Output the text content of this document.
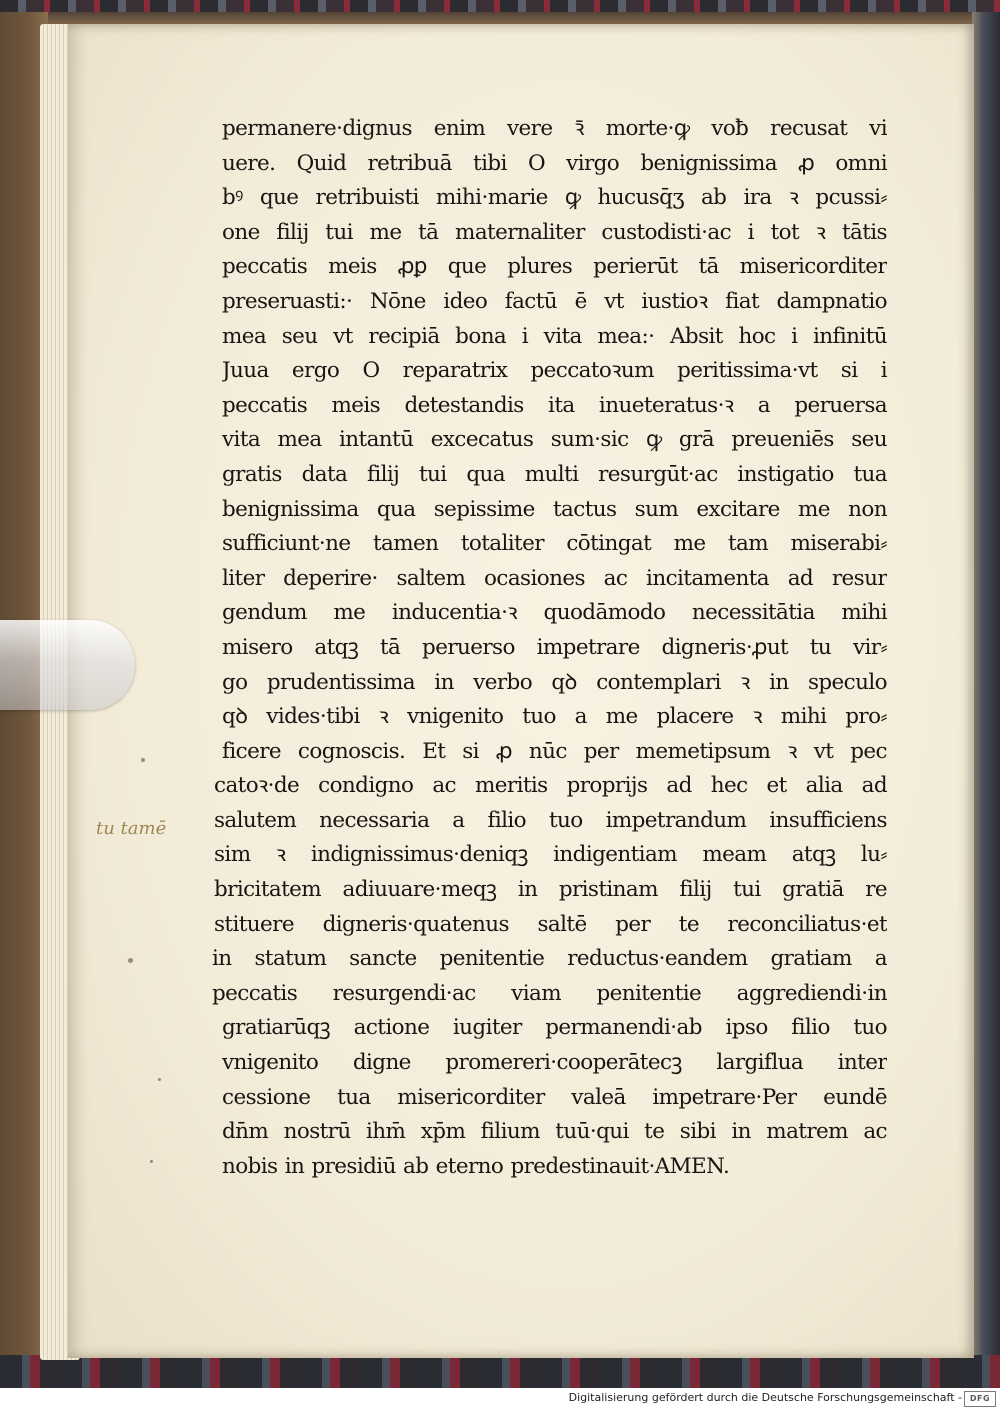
tu tamē
permanere·dignus enim vere ꝛ̄ morte·ꝙ voƀ recusat vi
uere. Quid retribuā tibi O virgo benignissima ꝓ omni
bꝰ que retribuisti mihi·marie ꝙ hucusq̄ʒ ab ira ꝛ pcussi⸗
one filij tui me tā maternaliter custodisti·ac i tot ꝛ tātis
peccatis meis ꝓꝑ que plures perierūt tā misericorditer
preseruasti:· Nōne ideo factū ē vt iustioꝛ fiat dampnatio
mea seu vt recipiā bona i vita mea:· Absit hoc i infinitū
Juua ergo O reparatrix peccatoꝛum peritissima·vt si i
peccatis meis detestandis ita inueteratus·ꝛ a peruersa
vita mea intantū excecatus sum·sic ꝙ grā preueniēs seu
gratis data filij tui qua multi resurgūt·ac instigatio tua
benignissima qua sepissime tactus sum excitare me non
sufficiunt·ne tamen totaliter cōtingat me tam miserabi⸗
liter deperire· saltem ocasiones ac incitamenta ad resur
gendum me inducentia·ꝛ quodāmodo necessitātia mihi
misero atqꝫ tā peruerso impetrare digneris·ꝓut tu vir⸗
go prudentissima in verbo qꝺ contemplari ꝛ in speculo
qꝺ vides·tibi ꝛ vnigenito tuo a me placere ꝛ mihi pro⸗
ficere cognoscis. Et si ꝓ nūc per memetipsum ꝛ vt pec
catoꝛ·de condigno ac meritis proprijs ad hec et alia ad
salutem necessaria a filio tuo impetrandum insufficiens
sim ꝛ indignissimus·deniqꝫ indigentiam meam atqꝫ lu⸗
bricitatem adiuuare·meqꝫ in pristinam filij tui gratiā re
stituere digneris·quatenus saltē per te reconciliatus·et
in statum sancte penitentie reductus·eandem gratiam a
peccatis resurgendi·ac viam penitentie aggrediendi·in
gratiarūqꝫ actione iugiter permanendi·ab ipso filio tuo
vnigenito digne promereri·cooperātecꝫ largiflua inter
cessione tua misericorditer valeā impetrare·Per eundē
dn̄m nostrū ihm̄ xp̄m filium tuū·qui te sibi in matrem ac
nobis in presidiū ab eterno predestinauit·AMEN.
Digitalisierung gefördert durch die Deutsche Forschungsgemeinschaft - DFG
